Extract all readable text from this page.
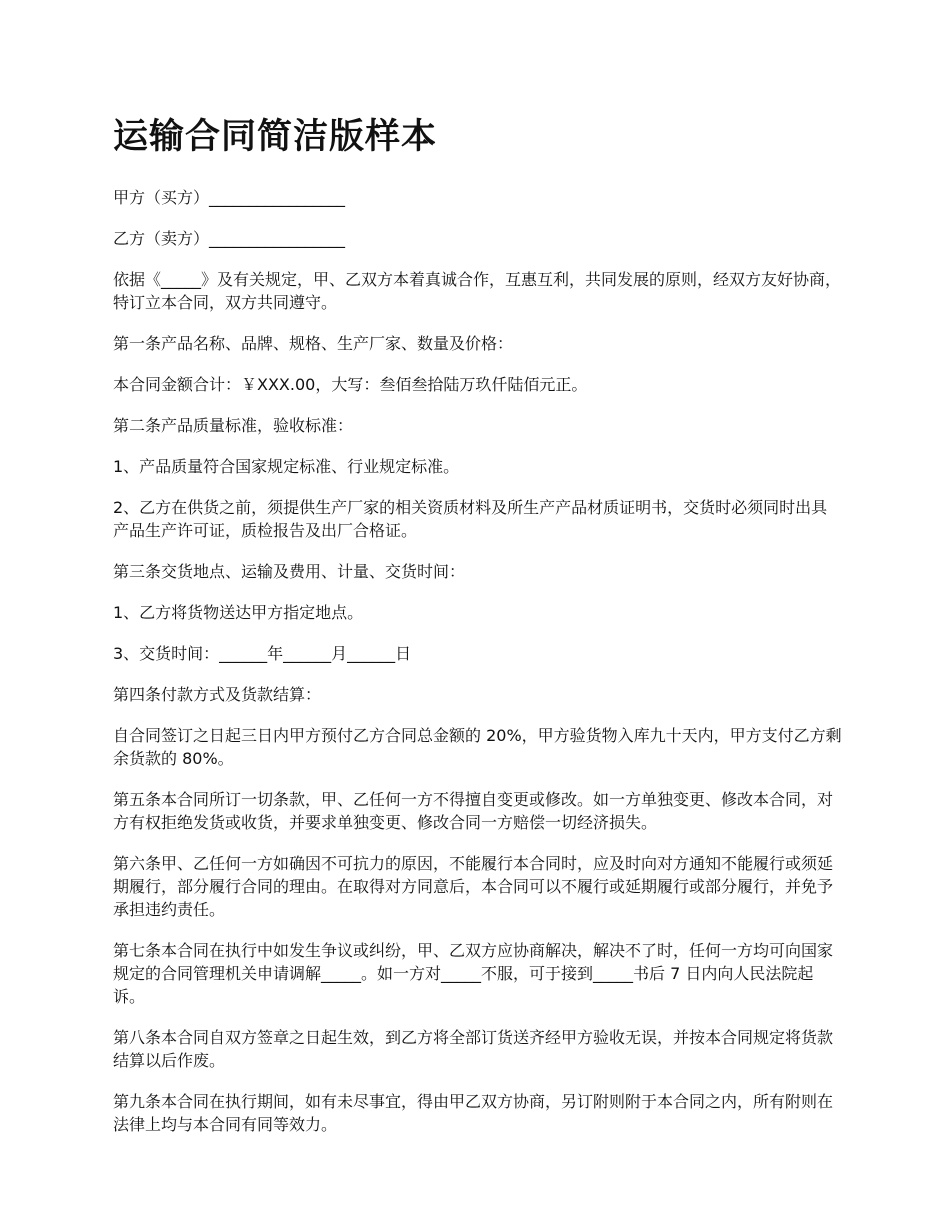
运输合同简洁版样本

甲方（买方）_________________

乙方（卖方）_________________

依据《_____》及有关规定，甲、乙双方本着真诚合作，互惠互利，共同发展的原则，经双方友好协商，特订立本合同，双方共同遵守。

第一条产品名称、品牌、规格、生产厂家、数量及价格：

本合同金额合计：￥XXX.00，大写：叁佰叁拾陆万玖仟陆佰元正。

第二条产品质量标准，验收标准：

1、产品质量符合国家规定标准、行业规定标准。

2、乙方在供货之前，须提供生产厂家的相关资质材料及所生产产品材质证明书，交货时必须同时出具产品生产许可证，质检报告及出厂合格证。

第三条交货地点、运输及费用、计量、交货时间：

1、乙方将货物送达甲方指定地点。

3、交货时间：______年______月______日

第四条付款方式及货款结算：

自合同签订之日起三日内甲方预付乙方合同总金额的 20%，甲方验货物入库九十天内，甲方支付乙方剩余货款的 80%。

第五条本合同所订一切条款，甲、乙任何一方不得擅自变更或修改。如一方单独变更、修改本合同，对方有权拒绝发货或收货，并要求单独变更、修改合同一方赔偿一切经济损失。

第六条甲、乙任何一方如确因不可抗力的原因，不能履行本合同时，应及时向对方通知不能履行或须延期履行，部分履行合同的理由。在取得对方同意后，本合同可以不履行或延期履行或部分履行，并免予承担违约责任。

第七条本合同在执行中如发生争议或纠纷，甲、乙双方应协商解决，解决不了时，任何一方均可向国家规定的合同管理机关申请调解_____。如一方对_____不服，可于接到_____书后 7 日内向人民法院起诉。

第八条本合同自双方签章之日起生效，到乙方将全部订货送齐经甲方验收无误，并按本合同规定将货款结算以后作废。

第九条本合同在执行期间，如有未尽事宜，得由甲乙双方协商，另订附则附于本合同之内，所有附则在法律上均与本合同有同等效力。
